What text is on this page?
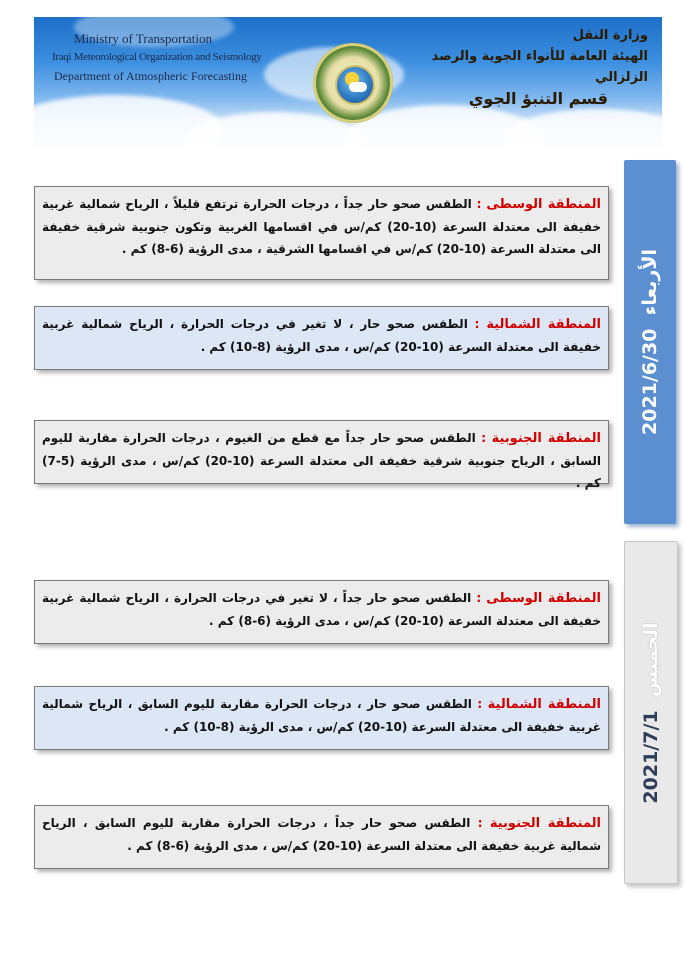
Ministry of Transportation
Iraqi Meteorological Organization and Seismology
Department of Atmospheric Forecasting
وزارة النقل
الهيئة العامة للأنواء الجوية والرصد الزلزالي
قسم التنبؤ الجوي
الأربعاء  2021/6/30
المنطقة الوسطى : الطقس صحو حار جداً ، درجات الحرارة ترتفع قليلاً ، الرياح شمالية غربية خفيفة الى معتدلة السرعة (10-20) كم/س في اقسامها الغربية وتكون جنوبية شرقية خفيفة الى معتدلة السرعة (10-20) كم/س في اقسامها الشرقية ، مدى الرؤية (6-8) كم .
المنطقة الشمالية : الطقس صحو حار ، لا تغير في درجات الحرارة ، الرياح شمالية غربية خفيفة الى معتدلة السرعة (10-20) كم/س ، مدى الرؤية (8-10) كم .
المنطقة الجنوبية : الطقس صحو حار جداً مع قطع من الغيوم ، درجات الحرارة مقاربة لليوم السابق ، الرياح جنوبية شرقية خفيفة الى معتدلة السرعة (10-20) كم/س ، مدى الرؤية (5-7) كم .
الخميس  2021/7/1
المنطقة الوسطى : الطقس صحو حار جداً ، لا تغير في درجات الحرارة ، الرياح شمالية غربية خفيفة الى معتدلة السرعة (10-20) كم/س ، مدى الرؤية (6-8) كم .
المنطقة الشمالية : الطقس صحو حار ، درجات الحرارة مقاربة لليوم السابق ، الرياح شمالية غربية خفيفة الى معتدلة السرعة (10-20) كم/س ، مدى الرؤية (8-10) كم .
المنطقة الجنوبية : الطقس صحو حار جداً ، درجات الحرارة مقاربة لليوم السابق ، الرياح شمالية غربية خفيفة الى معتدلة السرعة (10-20) كم/س ، مدى الرؤية (6-8) كم .
